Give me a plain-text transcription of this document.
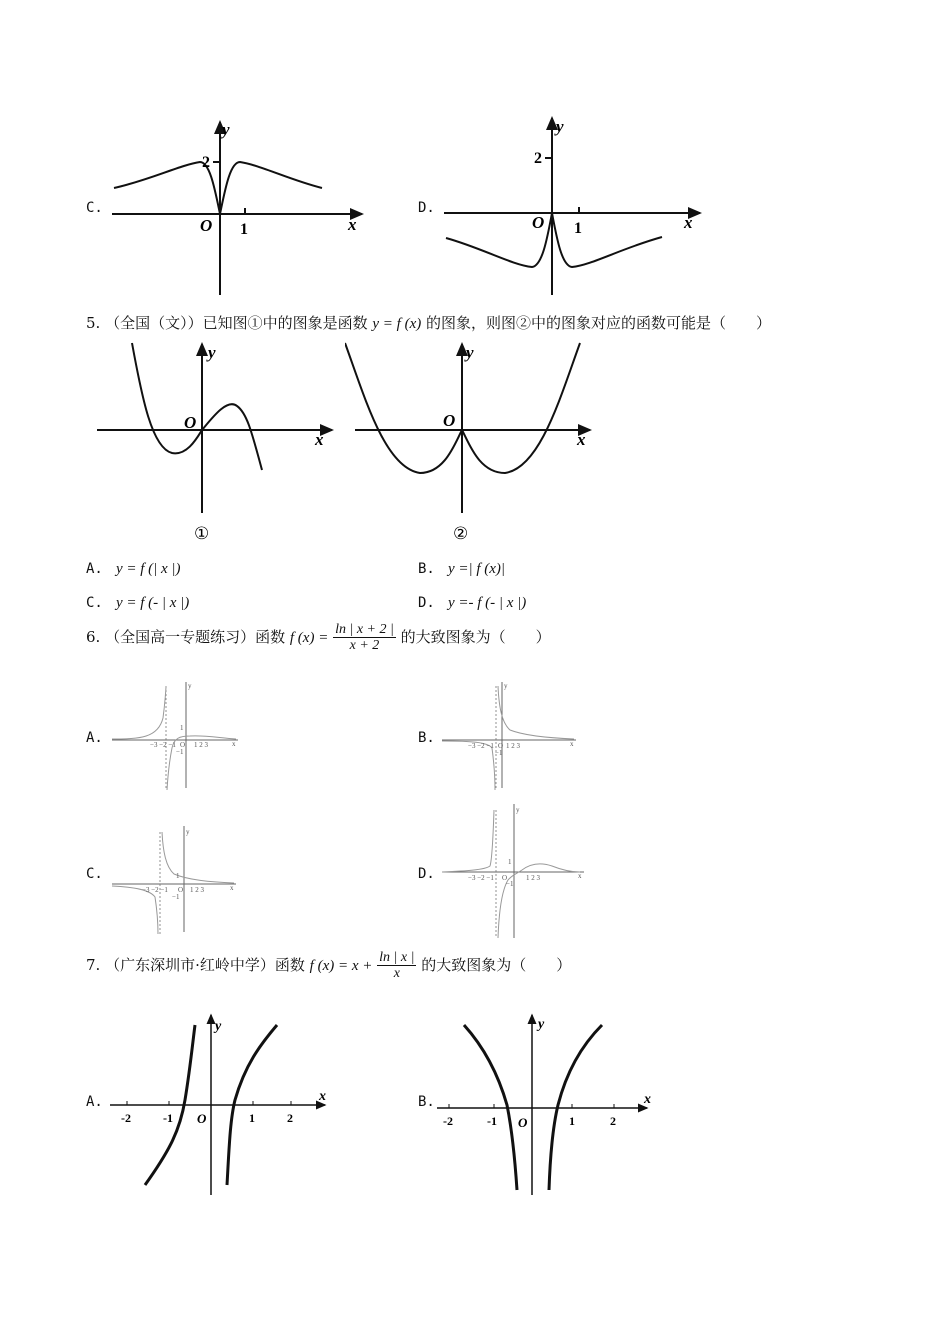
C.
y
x
O
2
1
D.
y
x
O
2
1
5. （全国（文））已知图①中的图象是函数 y = f (x) 的图象，则图②中的图象对应的函数可能是（　　）
y
x
O
①
y
x
O
②
A. y = f (| x |)	B. y =| f (x)|
C. y = f (- | x |)	D. y =- f (- | x |)
6. （全国高一专题练习）函数 f $(x) = \frac{\ln | x + 2 |}{x + 2}$ 的大致图象为（　　）
A.	−3 −2 −1 O 1 2 3
1
−1
y
x	B.	−3 −2 −1 O 1 2 3
−1
y
x
C.
−3 −2 −1 O 1 2 3
1
−1
y
x
D.	−3 −2 −1 O	1 2 3
1
−1
y
x
7. （广东深圳市·红岭中学）函数 f $(x) = x + \frac{\ln | x |}{x}$ 的大致图象为（　　）
A.
y
x
O
-2	-1	1	2
B.
y
x
O
-2	-1	1	2
